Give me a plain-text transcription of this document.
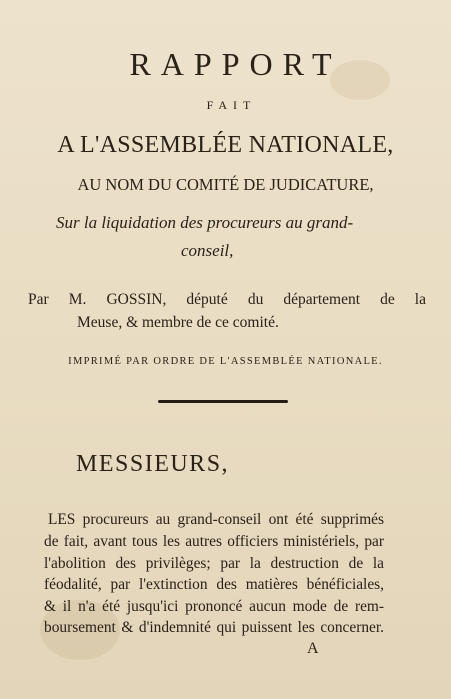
RAPPORT
FAIT
A L'ASSEMBLÉE NATIONALE,
AU NOM DU COMITÉ DE JUDICATURE,
Sur la liquidation des procureurs au grand-
conseil,
Par M. GOSSIN, député du département de la
Meuse, & membre de ce comité.
IMPRIMÉ PAR ORDRE DE L'ASSEMBLÉE NATIONALE.
MESSIEURS,
LES procureurs au grand-conseil ont été supprimés
de fait, avant tous les autres officiers ministériels, par
l'abolition des privilèges; par la destruction de la
féodalité, par l'extinction des matières bénéficiales,
& il n'a été jusqu'ici prononcé aucun mode de rem-
boursement & d'indemnité qui puissent les concerner.
A
